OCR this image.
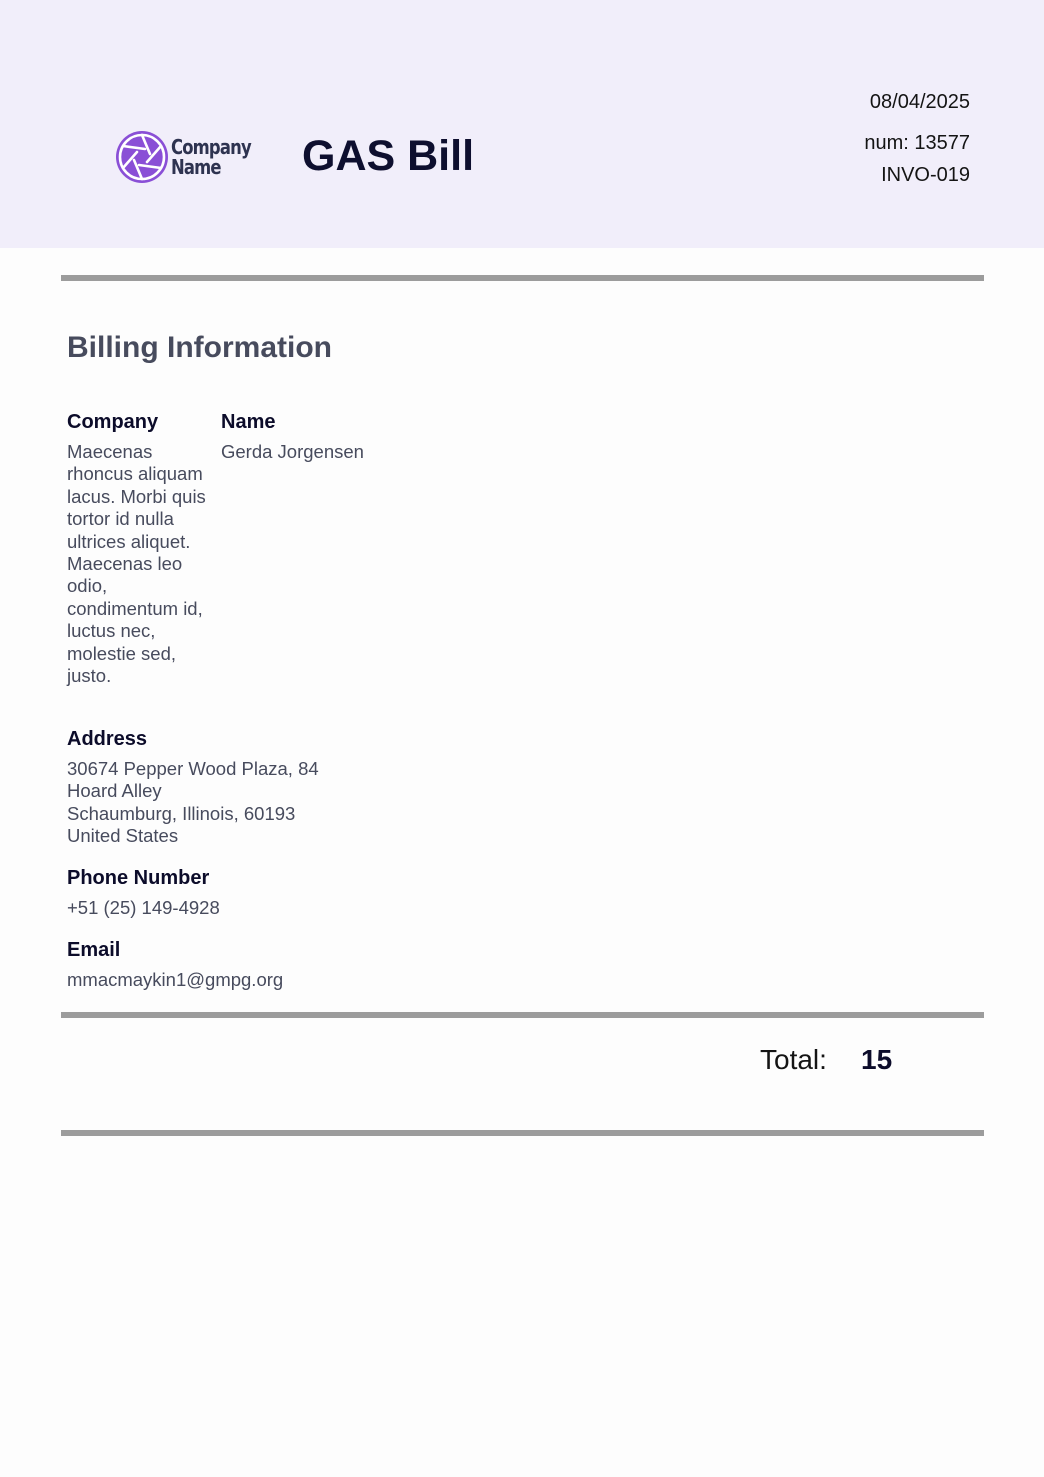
Company
Name	GAS Bill
08/04/2025
num: 13577
INVO-019
Billing Information
Company
Maecenas rhoncus aliquam lacus. Morbi quis tortor id nulla ultrices aliquet. Maecenas leo odio, condimentum id, luctus nec, molestie sed, justo.
Name
Gerda Jorgensen
Address
30674 Pepper Wood Plaza, 84
Hoard Alley
Schaumburg, Illinois, 60193
United States
Phone Number
+51 (25) 149-4928
Email
mmacmaykin1@gmpg.org
Total: 15
